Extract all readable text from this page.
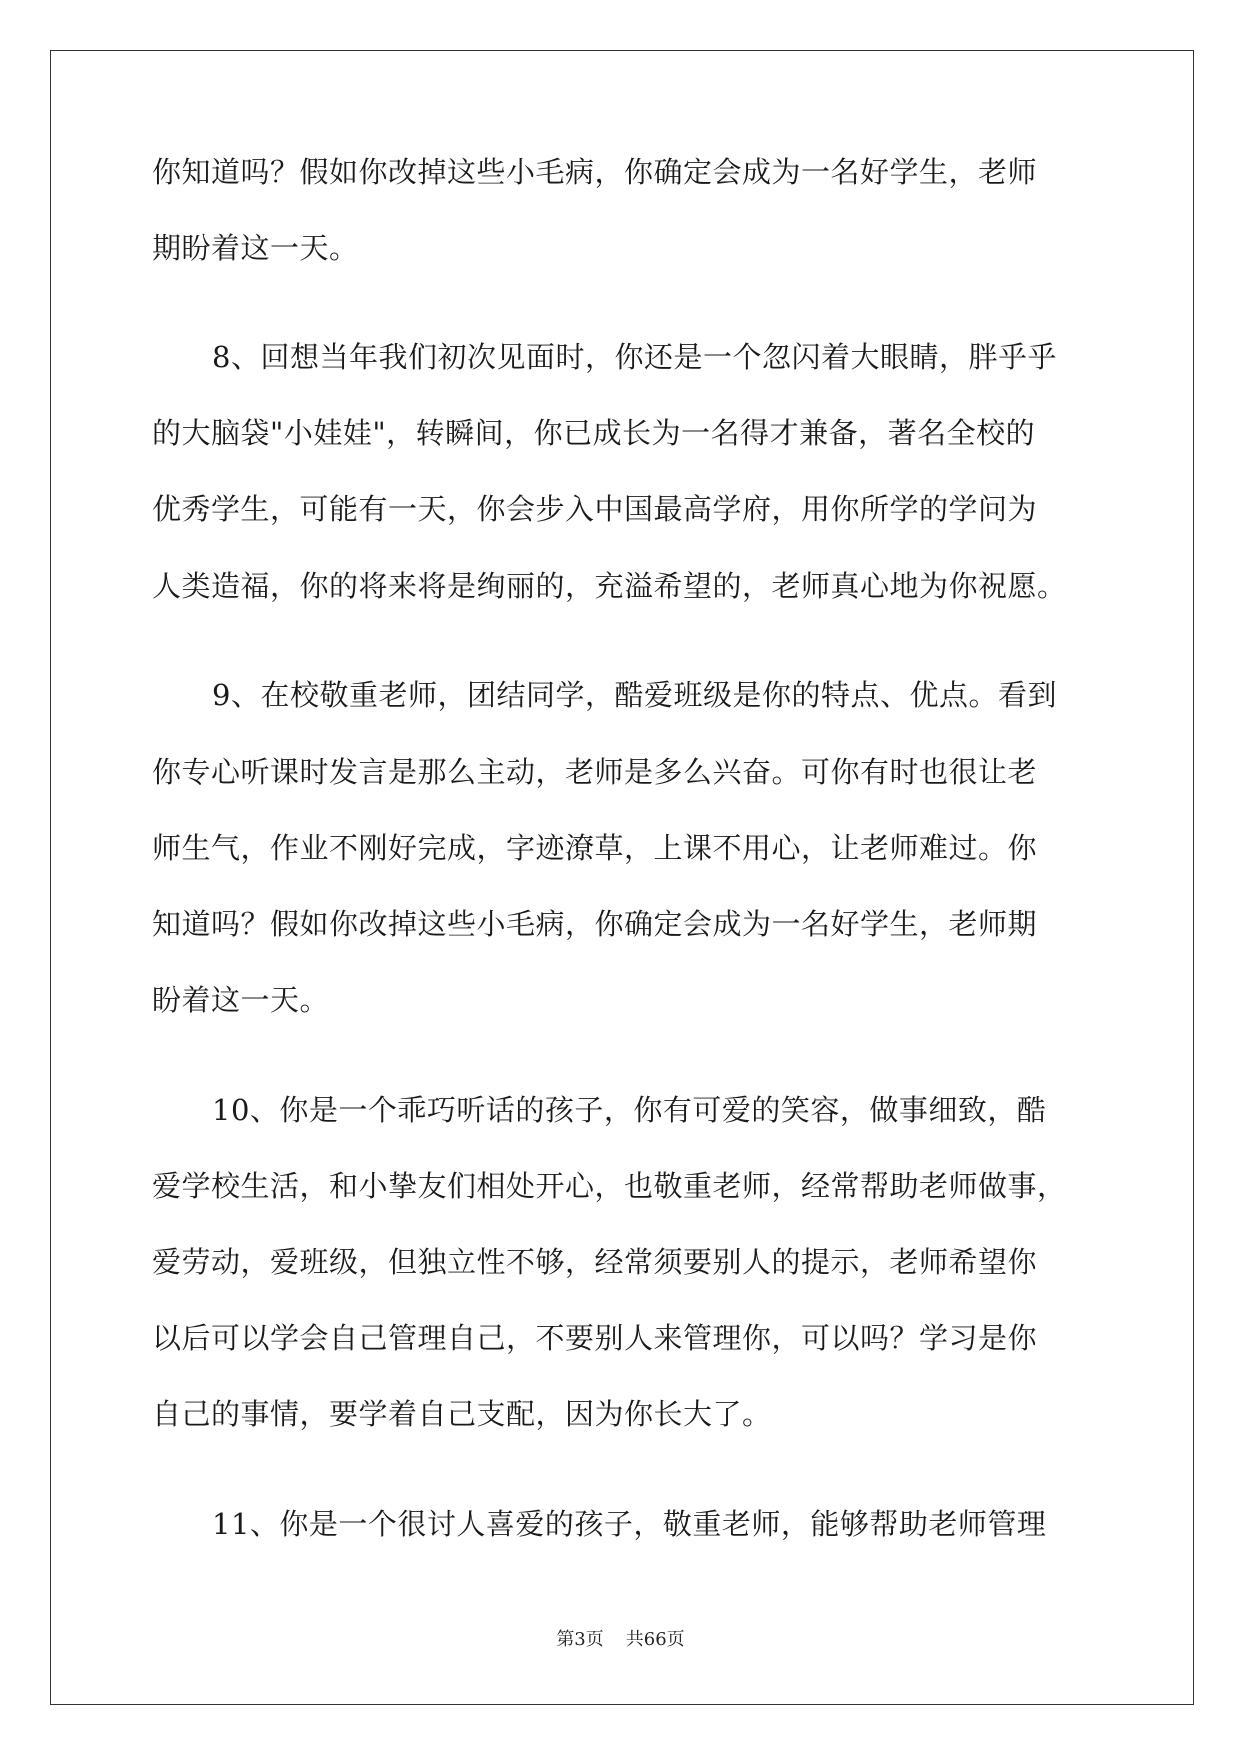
你知道吗？假如你改掉这些小毛病，你确定会成为一名好学生，老师

期盼着这一天。

8、回想当年我们初次见面时，你还是一个忽闪着大眼睛，胖乎乎

的大脑袋"小娃娃"，转瞬间，你已成长为一名得才兼备，著名全校的

优秀学生，可能有一天，你会步入中国最高学府，用你所学的学问为

人类造福，你的将来将是绚丽的，充溢希望的，老师真心地为你祝愿。

9、在校敬重老师，团结同学，酷爱班级是你的特点、优点。看到

你专心听课时发言是那么主动，老师是多么兴奋。可你有时也很让老

师生气，作业不刚好完成，字迹潦草，上课不用心，让老师难过。你

知道吗？假如你改掉这些小毛病，你确定会成为一名好学生，老师期

盼着这一天。

10、你是一个乖巧听话的孩子，你有可爱的笑容，做事细致，酷

爱学校生活，和小挚友们相处开心，也敬重老师，经常帮助老师做事，

爱劳动，爱班级，但独立性不够，经常须要别人的提示，老师希望你

以后可以学会自己管理自己，不要别人来管理你，可以吗？学习是你

自己的事情，要学着自己支配，因为你长大了。

11、你是一个很讨人喜爱的孩子，敬重老师，能够帮助老师管理

第3页 共66页
